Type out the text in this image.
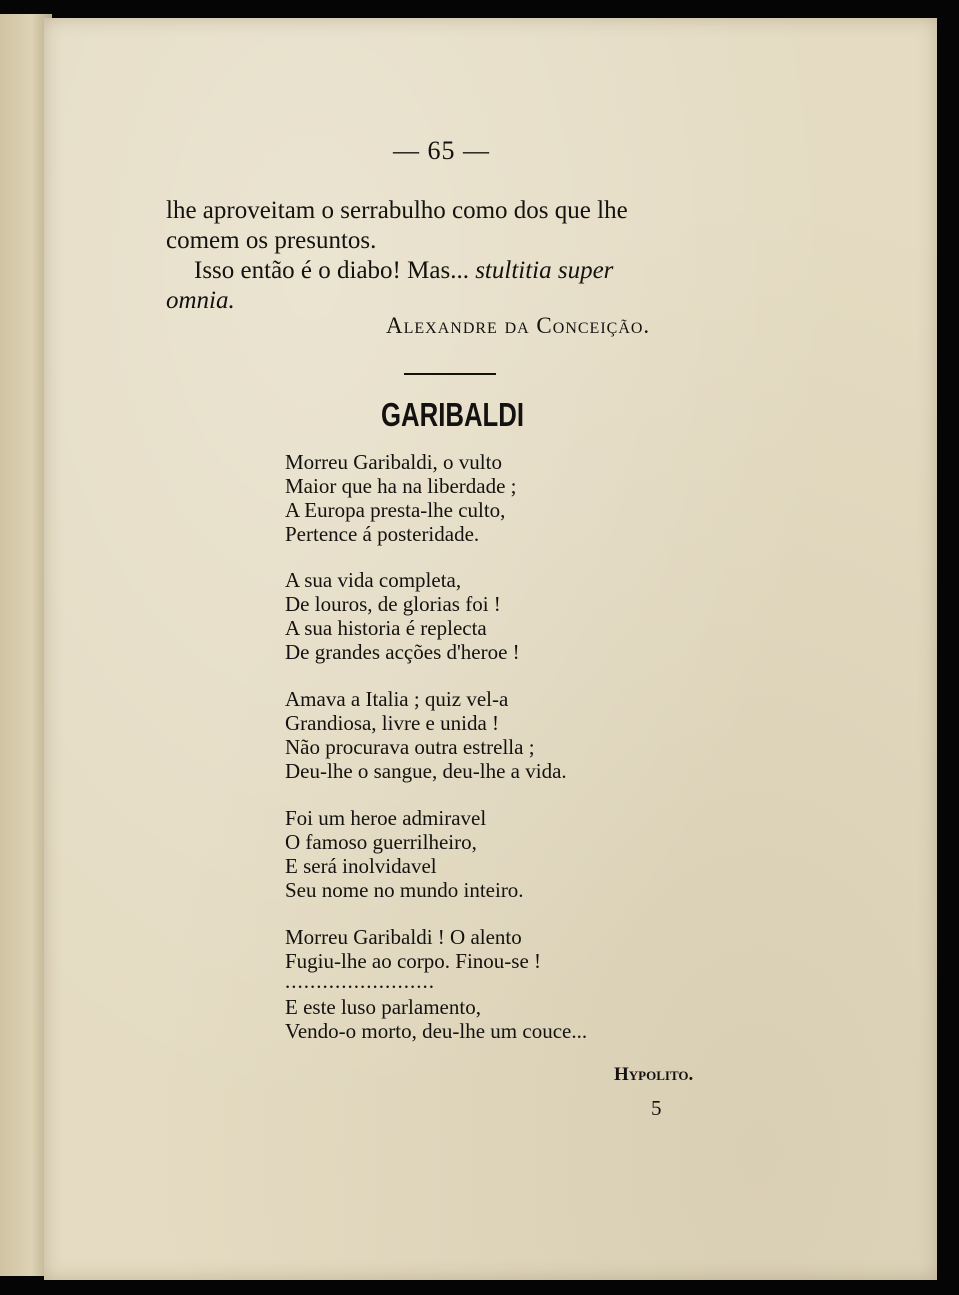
— 65 —
lhe aproveitam o serrabulho como dos que lhe
comem os presuntos.
Isso então é o diabo! Mas... stultitia super
omnia.
Alexandre da Conceição.
GARIBALDI
Morreu Garibaldi, o vulto
Maior que ha na liberdade ;
A Europa presta-lhe culto,
Pertence á posteridade.
A sua vida completa,
De louros, de glorias foi !
A sua historia é replecta
De grandes acções d'heroe !
Amava a Italia ; quiz vel-a
Grandiosa, livre e unida !
Não procurava outra estrella ;
Deu-lhe o sangue, deu-lhe a vida.
Foi um heroe admiravel
O famoso guerrilheiro,
E será inolvidavel
Seu nome no mundo inteiro.
Morreu Garibaldi ! O alento
Fugiu-lhe ao corpo. Finou-se !
........................
E este luso parlamento,
Vendo-o morto, deu-lhe um couce...
Hypolito.
5
